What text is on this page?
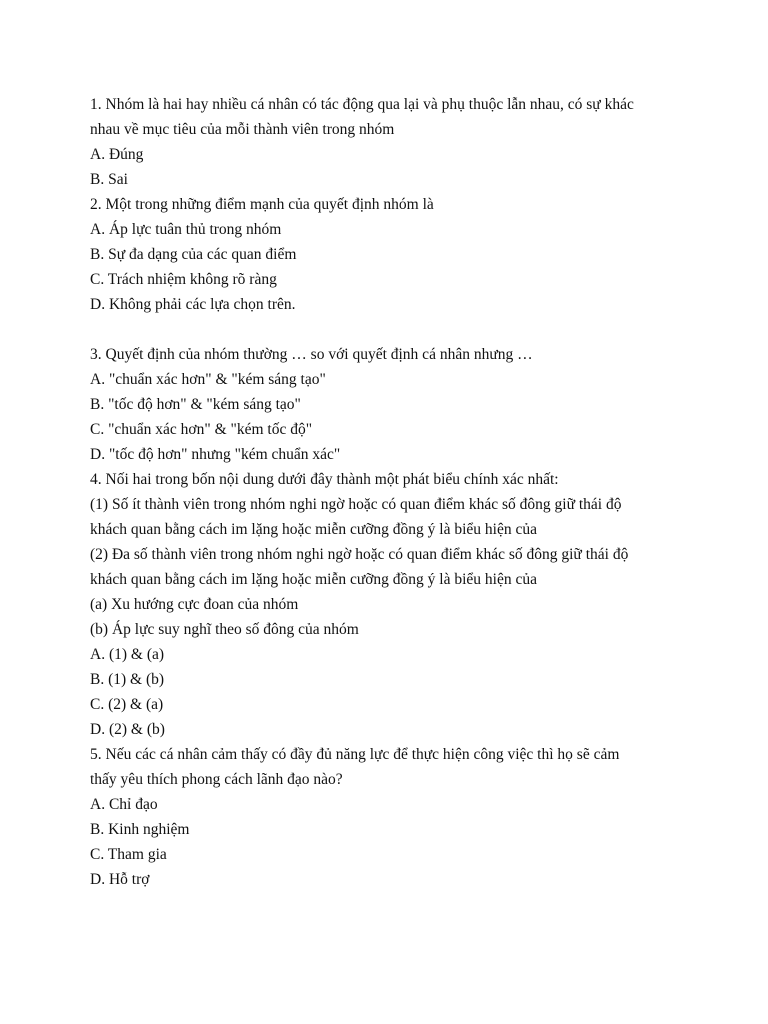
1. Nhóm là hai hay nhiều cá nhân có tác động qua lại và phụ thuộc lẫn nhau, có sự khác
nhau về mục tiêu của mỗi thành viên trong nhóm
A. Đúng
B. Sai
2. Một trong những điểm mạnh của quyết định nhóm là
A. Áp lực tuân thủ trong nhóm
B. Sự đa dạng của các quan điểm
C. Trách nhiệm không rõ ràng
D. Không phải các lựa chọn trên.
3. Quyết định của nhóm thường … so với quyết định cá nhân nhưng …
A. "chuẩn xác hơn" & "kém sáng tạo"
B. "tốc độ hơn" & "kém sáng tạo"
C. "chuẩn xác hơn" & "kém tốc độ"
D. "tốc độ hơn" nhưng "kém chuẩn xác"
4. Nối hai trong bốn nội dung dưới đây thành một phát biểu chính xác nhất:
(1) Số ít thành viên trong nhóm nghi ngờ hoặc có quan điểm khác số đông giữ thái độ
khách quan bằng cách im lặng hoặc miễn cưỡng đồng ý là biểu hiện của
(2) Đa số thành viên trong nhóm nghi ngờ hoặc có quan điểm khác số đông giữ thái độ
khách quan bằng cách im lặng hoặc miễn cưỡng đồng ý là biểu hiện của
(a) Xu hướng cực đoan của nhóm
(b) Áp lực suy nghĩ theo số đông của nhóm
A. (1) & (a)
B. (1) & (b)
C. (2) & (a)
D. (2) & (b)
5. Nếu các cá nhân cảm thấy có đầy đủ năng lực để thực hiện công việc thì họ sẽ cảm
thấy yêu thích phong cách lãnh đạo nào?
A. Chỉ đạo
B. Kinh nghiệm
C. Tham gia
D. Hỗ trợ
